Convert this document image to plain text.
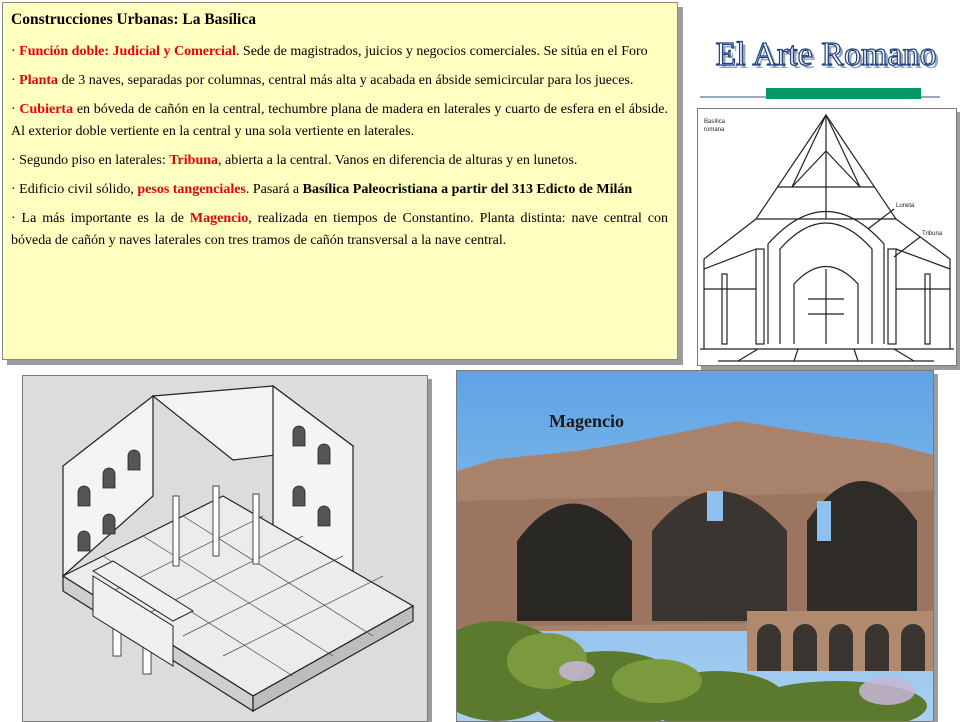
Construcciones Urbanas: La Basílica

· Función doble: Judicial y Comercial. Sede de magistrados, juicios y negocios comerciales. Se sitúa en el Foro

· Planta de 3 naves, separadas por columnas, central más alta y acabada en ábside semicircular para los jueces.

· Cubierta en bóveda de cañón en la central, techumbre plana de madera en laterales y cuarto de esfera en el ábside. Al exterior doble vertiente en la central y una sola vertiente en laterales.

· Segundo piso en laterales: Tribuna, abierta a la central. Vanos en diferencia de alturas y en lunetos.

· Edificio civil sólido, pesos tangenciales. Pasará a Basílica Paleocristiana a partir del 313 Edicto de Milán

· La más importante es la de Magencio, realizada en tiempos de Constantino. Planta distinta: nave central con bóveda de cañón y naves laterales con tres tramos de cañón transversal a la nave central.

El Arte Romano
Basílica
romana
Luneta
Tribuna
Magencio
